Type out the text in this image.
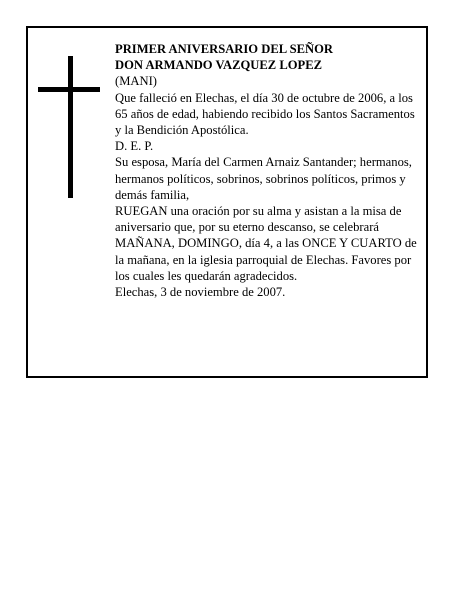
PRIMER ANIVERSARIO DEL SEÑOR

DON ARMANDO VAZQUEZ LOPEZ

(MANI)

Que falleció en Elechas, el día 30 de octubre de 2006, a los 65 años de edad, habiendo recibido los Santos Sacramentos y la Bendición Apostólica.

D. E. P.

Su esposa, María del Carmen Arnaiz Santander; hermanos, hermanos políticos, sobrinos, sobrinos políticos, primos y demás familia,

RUEGAN una oración por su alma y asistan a la misa de aniversario que, por su eterno descanso, se celebrará MAÑANA, DOMINGO, día 4, a las ONCE Y CUARTO de la mañana, en la iglesia parroquial de Elechas. Favores por los cuales les quedarán agradecidos.

Elechas, 3 de noviembre de 2007.
